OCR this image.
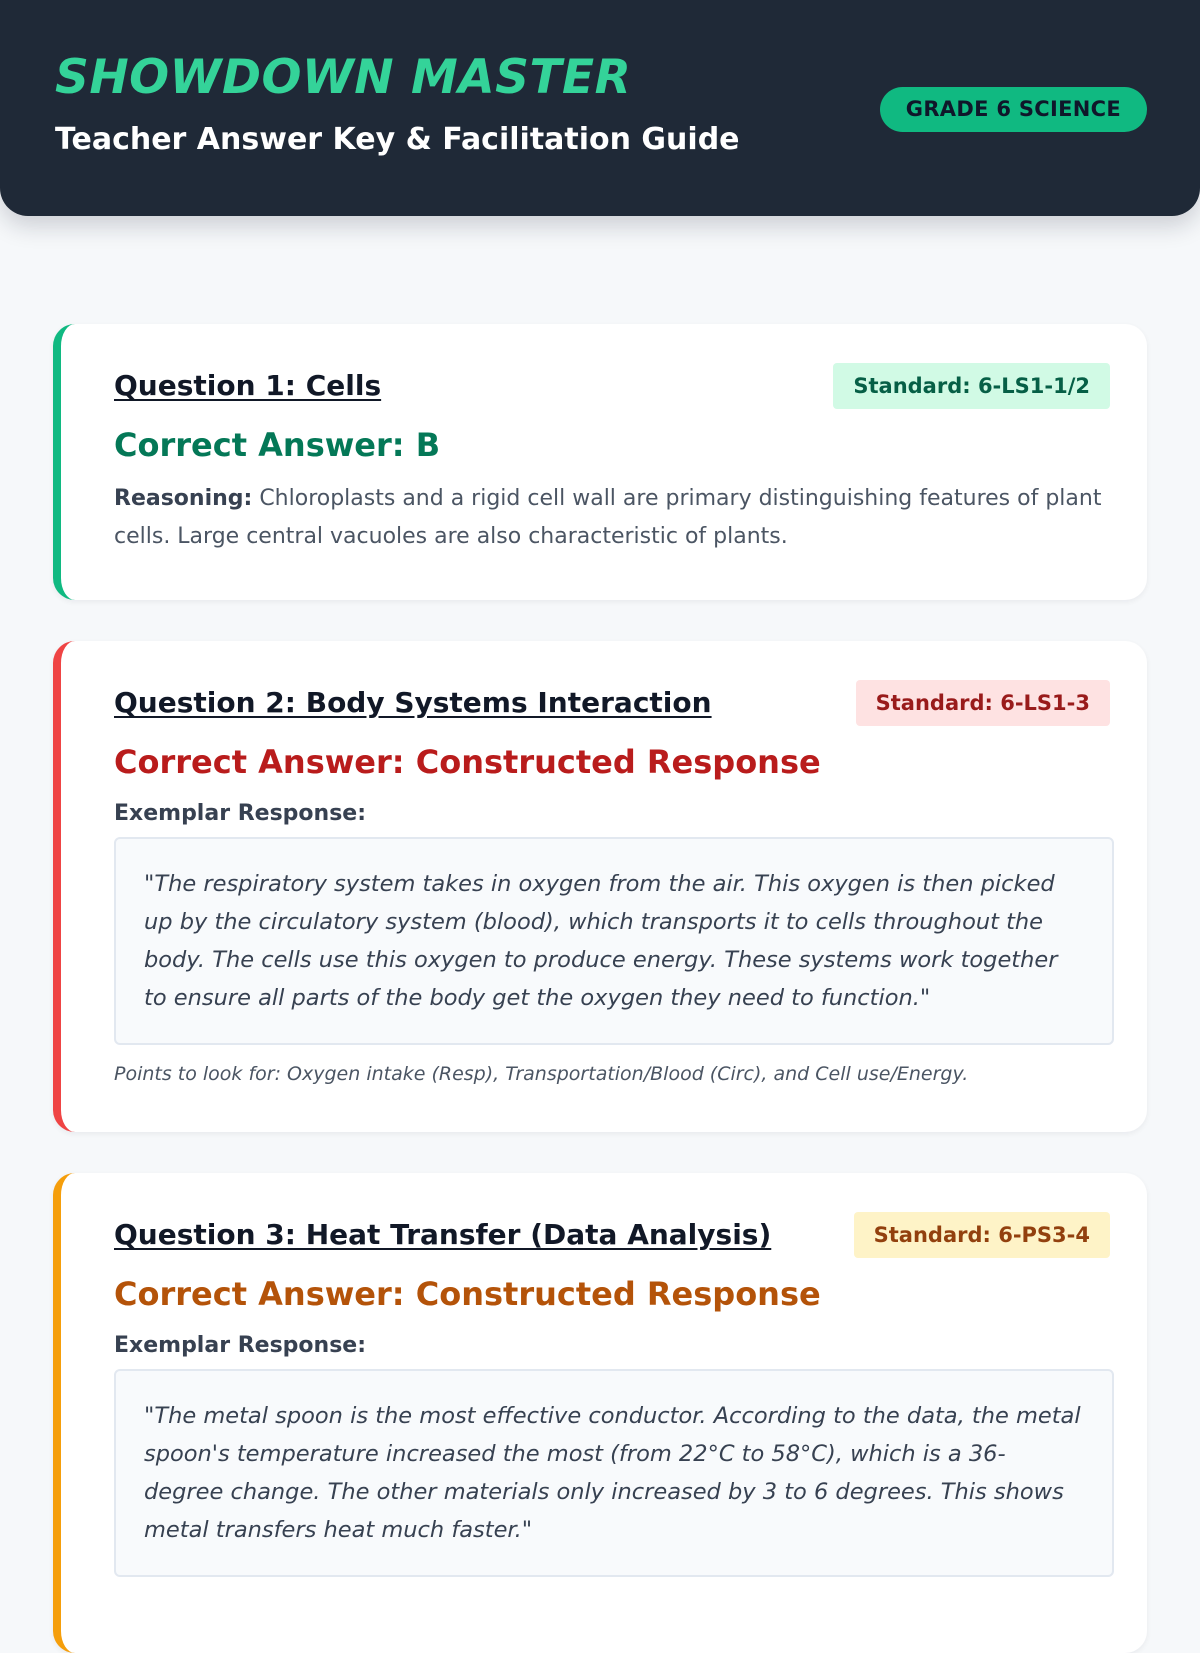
SHOWDOWN MASTER
Teacher Answer Key & Facilitation Guide
GRADE 6 SCIENCE
Question 1: Cells	Standard: 6-LS1-1/2
Correct Answer: B
Reasoning: Chloroplasts and a rigid cell wall are primary distinguishing features of plant cells. Large central vacuoles are also characteristic of plants.
Question 2: Body Systems Interaction	Standard: 6-LS1-3
Correct Answer: Constructed Response
Exemplar Response:
"The respiratory system takes in oxygen from the air. This oxygen is then picked up by the circulatory system (blood), which transports it to cells throughout the body. The cells use this oxygen to produce energy. These systems work together to ensure all parts of the body get the oxygen they need to function."
Points to look for: Oxygen intake (Resp), Transportation/Blood (Circ), and Cell use/Energy.
Question 3: Heat Transfer (Data Analysis)	Standard: 6-PS3-4
Correct Answer: Constructed Response
Exemplar Response:
"The metal spoon is the most effective conductor. According to the data, the metal spoon's temperature increased the most (from 22°C to 58°C), which is a 36-degree change. The other materials only increased by 3 to 6 degrees. This shows metal transfers heat much faster."
